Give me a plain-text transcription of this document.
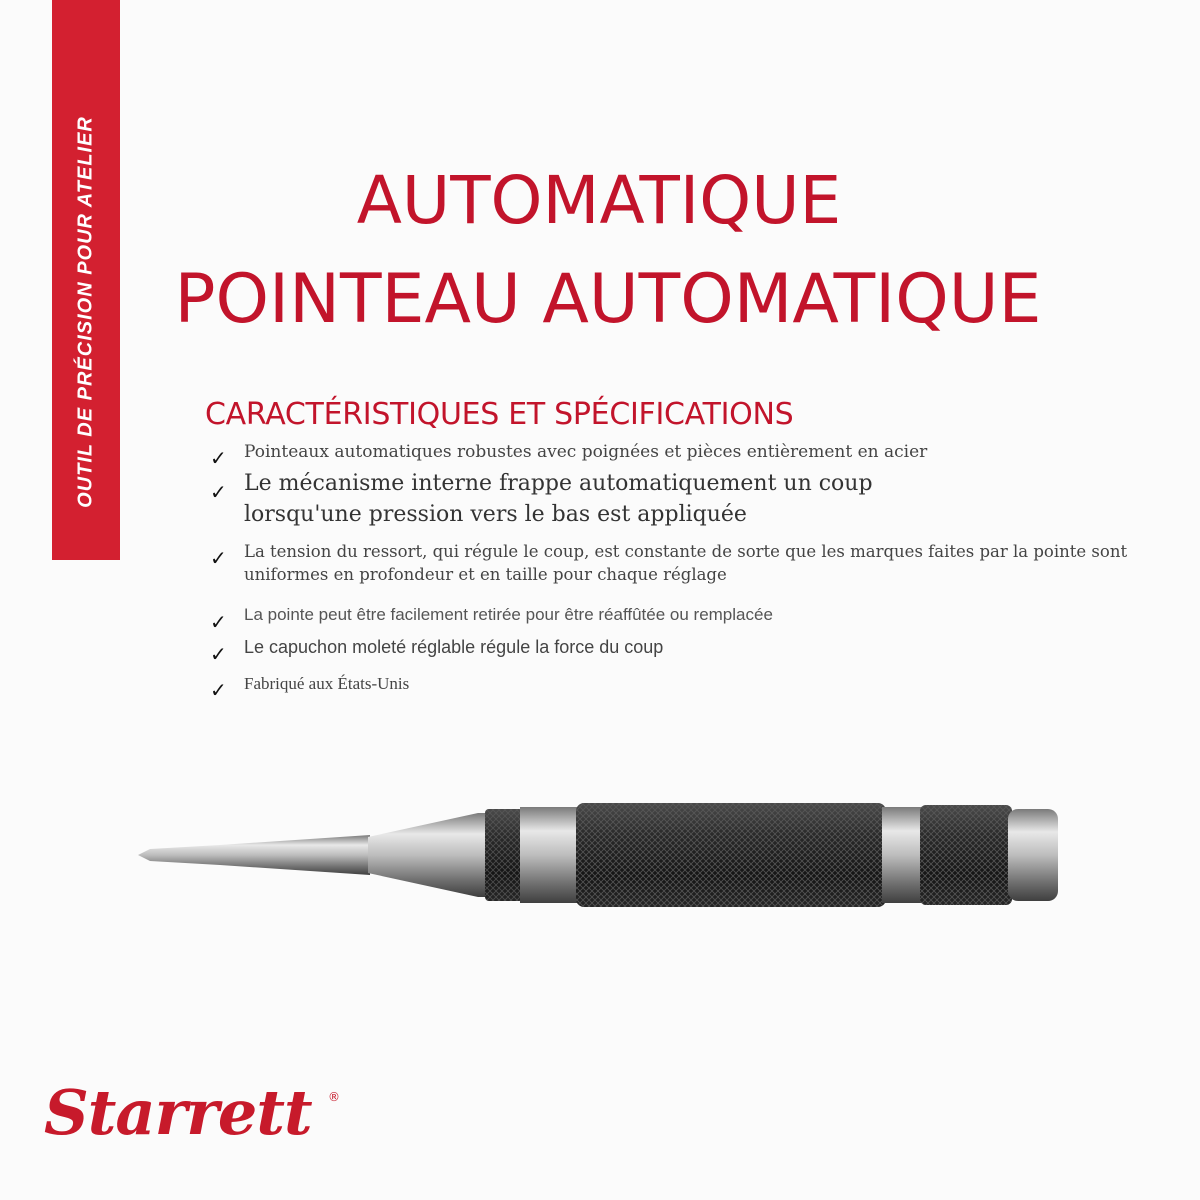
OUTIL DE PRÉCISION POUR ATELIER	AUTOMATIQUE
POINTEAU AUTOMATIQUE
CARACTÉRISTIQUES ET SPÉCIFICATIONS
✓ Pointeaux automatiques robustes avec poignées et pièces entièrement en acier
✓ Le mécanisme interne frappe automatiquement un coup
lorsqu'une pression vers le bas est appliquée
✓ La tension du ressort, qui régule le coup, est constante de sorte que les marques faites par la pointe sont
uniformes en profondeur et en taille pour chaque réglage
✓ La pointe peut être facilement retirée pour être réaffûtée ou remplacée
✓ Le capuchon moleté réglable régule la force du coup
✓ Fabriqué aux États-Unis
Starrett ®
